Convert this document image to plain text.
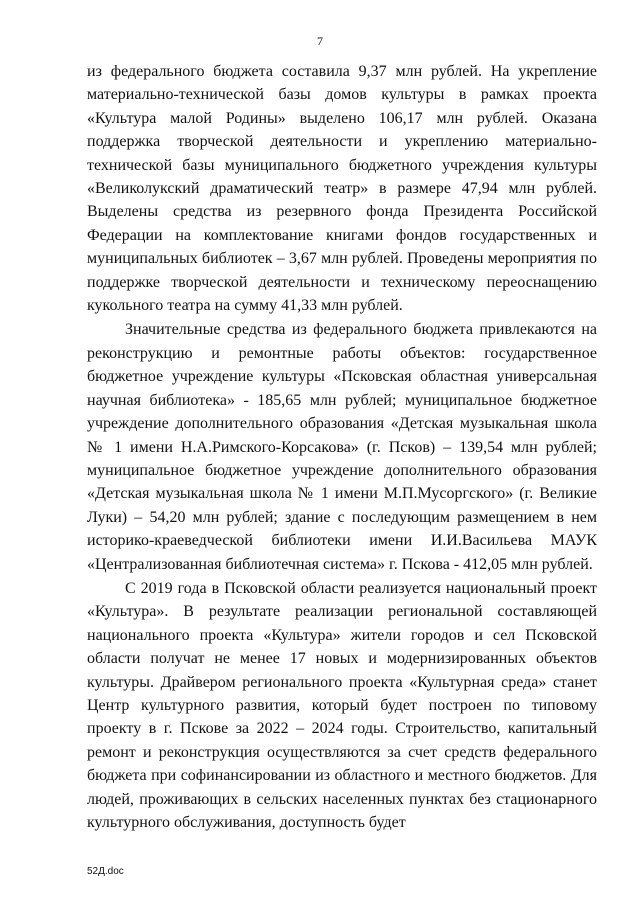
7

из федерального бюджета составила 9,37 млн рублей. На укрепление материально-технической базы домов культуры в рамках проекта «Культура малой Родины» выделено 106,17 млн рублей. Оказана поддержка творческой деятельности и укреплению материально-технической базы муниципального бюджетного учреждения культуры «Великолукский драматический театр» в размере 47,94 млн рублей. Выделены средства из резервного фонда Президента Российской Федерации на комплектование книгами фондов государственных и муниципальных библиотек – 3,67 млн рублей. Проведены мероприятия по поддержке творческой деятельности и техническому переоснащению кукольного театра на сумму 41,33 млн рублей.

Значительные средства из федерального бюджета привлекаются на реконструкцию и ремонтные работы объектов: государственное бюджетное учреждение культуры «Псковская областная универсальная научная библиотека» - 185,65 млн рублей; муниципальное бюджетное учреждение дополнительного образования «Детская музыкальная школа № 1 имени Н.А.Римского-Корсакова» (г. Псков) – 139,54 млн рублей; муниципальное бюджетное учреждение дополнительного образования «Детская музыкальная школа № 1 имени М.П.Мусоргского» (г. Великие Луки) – 54,20 млн рублей; здание с последующим размещением в нем историко-краеведческой библиотеки имени И.И.Васильева МАУК «Централизованная библиотечная система» г. Пскова - 412,05 млн рублей.

С 2019 года в Псковской области реализуется национальный проект «Культура». В результате реализации региональной составляющей национального проекта «Культура» жители городов и сел Псковской области получат не менее 17 новых и модернизированных объектов культуры. Драйвером регионального проекта «Культурная среда» станет Центр культурного развития, который будет построен по типовому проекту в г. Пскове за 2022 – 2024 годы. Строительство, капитальный ремонт и реконструкция осуществляются за счет средств федерального бюджета при софинансировании из областного и местного бюджетов. Для людей, проживающих в сельских населенных пунктах без стационарного культурного обслуживания, доступность будет

52Д.doc
